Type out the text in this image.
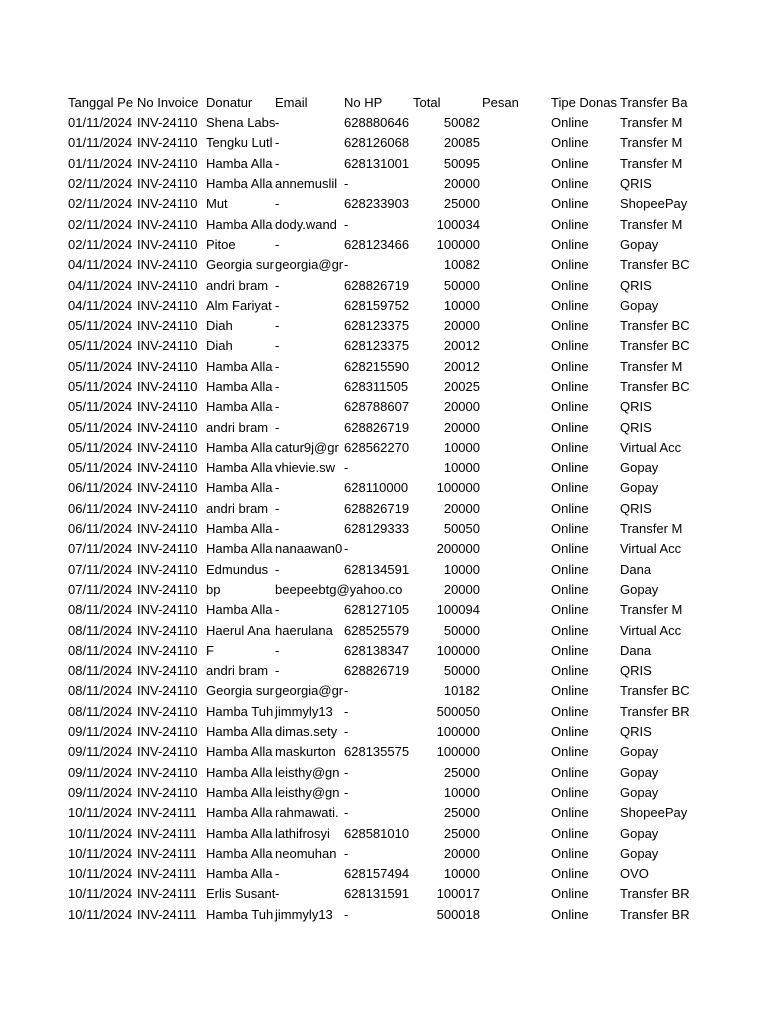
Tanggal Pe	No Invoice	Donatur	Email	No HP	Total	Pesan	Tipe Donas	Transfer Ba
01/11/2024	INV-24110	Shena Labs	-	628880646	50082		Online	Transfer M
01/11/2024	INV-24110	Tengku Lutl	-	628126068	20085		Online	Transfer M
01/11/2024	INV-24110	Hamba Alla	-	628131001	50095		Online	Transfer M
02/11/2024	INV-24110	Hamba Alla	annemuslil	-	20000		Online	QRIS
02/11/2024	INV-24110	Mut	-	628233903	25000		Online	ShopeePay
02/11/2024	INV-24110	Hamba Alla	dody.wand	-	100034		Online	Transfer M
02/11/2024	INV-24110	Pitoe	-	628123466	100000		Online	Gopay
04/11/2024	INV-24110	Georgia sur	georgia@gr	-	10082		Online	Transfer BC
04/11/2024	INV-24110	andri bram	-	628826719	50000		Online	QRIS
04/11/2024	INV-24110	Alm Fariyat	-	628159752	10000		Online	Gopay
05/11/2024	INV-24110	Diah	-	628123375	20000		Online	Transfer BC
05/11/2024	INV-24110	Diah	-	628123375	20012		Online	Transfer BC
05/11/2024	INV-24110	Hamba Alla	-	628215590	20012		Online	Transfer M
05/11/2024	INV-24110	Hamba Alla	-	628311505	20025		Online	Transfer BC
05/11/2024	INV-24110	Hamba Alla	-	628788607	20000		Online	QRIS
05/11/2024	INV-24110	andri bram	-	628826719	20000		Online	QRIS
05/11/2024	INV-24110	Hamba Alla	catur9j@gr	628562270	10000		Online	Virtual Acc
05/11/2024	INV-24110	Hamba Alla	vhievie.sw	-	10000		Online	Gopay
06/11/2024	INV-24110	Hamba Alla	-	628110000	100000		Online	Gopay
06/11/2024	INV-24110	andri bram	-	628826719	20000		Online	QRIS
06/11/2024	INV-24110	Hamba Alla	-	628129333	50050		Online	Transfer M
07/11/2024	INV-24110	Hamba Alla	nanaawan0	-	200000		Online	Virtual Acc
07/11/2024	INV-24110	Edmundus	-	628134591	10000		Online	Dana
07/11/2024	INV-24110	bp	beepeebtg@yahoo.co		20000		Online	Gopay
08/11/2024	INV-24110	Hamba Alla	-	628127105	100094		Online	Transfer M
08/11/2024	INV-24110	Haerul Ana	haerulana	628525579	50000		Online	Virtual Acc
08/11/2024	INV-24110	F	-	628138347	100000		Online	Dana
08/11/2024	INV-24110	andri bram	-	628826719	50000		Online	QRIS
08/11/2024	INV-24110	Georgia sur	georgia@gr	-	10182		Online	Transfer BC
08/11/2024	INV-24110	Hamba Tuh	jimmyly13	-	500050		Online	Transfer BR
09/11/2024	INV-24110	Hamba Alla	dimas.sety	-	100000		Online	QRIS
09/11/2024	INV-24110	Hamba Alla	maskurton	628135575	100000		Online	Gopay
09/11/2024	INV-24110	Hamba Alla	leisthy@gn	-	25000		Online	Gopay
09/11/2024	INV-24110	Hamba Alla	leisthy@gn	-	10000		Online	Gopay
10/11/2024	INV-24111	Hamba Alla	rahmawati.	-	25000		Online	ShopeePay
10/11/2024	INV-24111	Hamba Alla	lathifrosyi	628581010	25000		Online	Gopay
10/11/2024	INV-24111	Hamba Alla	neomuhan	-	20000		Online	Gopay
10/11/2024	INV-24111	Hamba Alla	-	628157494	10000		Online	OVO
10/11/2024	INV-24111	Erlis Susant	-	628131591	100017		Online	Transfer BR
10/11/2024	INV-24111	Hamba Tuh	jimmyly13	-	500018		Online	Transfer BR
